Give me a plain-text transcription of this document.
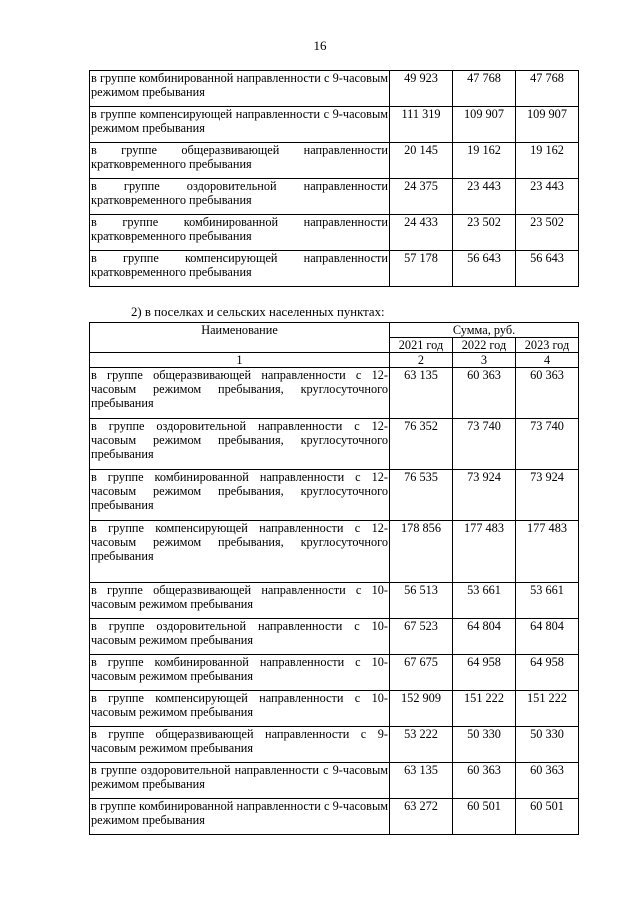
16
в группе комбинированной направленности с 9-часовым режимом пребывания	49 923	47 768	47 768
в группе компенсирующей направленности с 9-часовым режимом пребывания	111 319	109 907	109 907
в группе общеразвивающей направленности кратковременного пребывания	20 145	19 162	19 162
в группе оздоровительной направленности кратковременного пребывания	24 375	23 443	23 443
в группе комбинированной направленности кратковременного пребывания	24 433	23 502	23 502
в группе компенсирующей направленности кратковременного пребывания	57 178	56 643	56 643
2) в поселках и сельских населенных пунктах:
Наименование	Сумма, руб.		
	2021 год	2022 год	2023 год
1	2	3	4
в группе общеразвивающей направленности с 12-часовым режимом пребывания, круглосуточного пребывания	63 135	60 363	60 363
в группе оздоровительной направленности с 12-часовым режимом пребывания, круглосуточного пребывания	76 352	73 740	73 740
в группе комбинированной направленности с 12-часовым режимом пребывания, круглосуточного пребывания	76 535	73 924	73 924
в группе компенсирующей направленности с 12-часовым режимом пребывания, круглосуточного пребывания	178 856	177 483	177 483
в группе общеразвивающей направленности с 10-часовым режимом пребывания	56 513	53 661	53 661
в группе оздоровительной направленности с 10-часовым режимом пребывания	67 523	64 804	64 804
в группе комбинированной направленности с 10-часовым режимом пребывания	67 675	64 958	64 958
в группе компенсирующей направленности с 10-часовым режимом пребывания	152 909	151 222	151 222
в группе общеразвивающей направленности с 9-часовым режимом пребывания	53 222	50 330	50 330
в группе оздоровительной направленности с 9-часовым режимом пребывания	63 135	60 363	60 363
в группе комбинированной направленности с 9-часовым режимом пребывания	63 272	60 501	60 501
